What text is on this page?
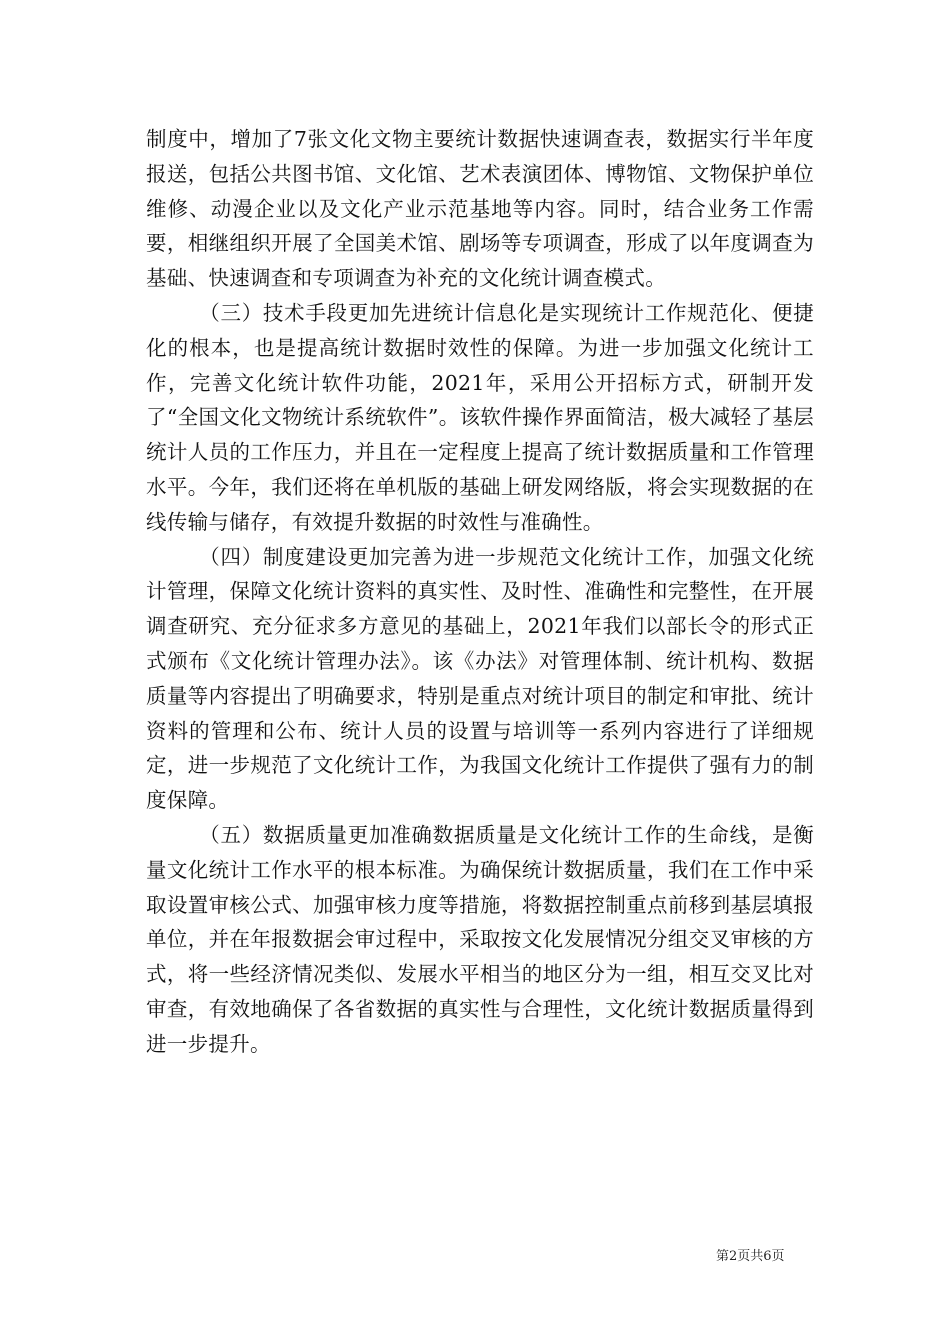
制度中，增加了7张文化文物主要统计数据快速调查表，数据实行半年度报送，包括公共图书馆、文化馆、艺术表演团体、博物馆、文物保护单位维修、动漫企业以及文化产业示范基地等内容。同时，结合业务工作需要，相继组织开展了全国美术馆、剧场等专项调查，形成了以年度调查为基础、快速调查和专项调查为补充的文化统计调查模式。

（三）技术手段更加先进统计信息化是实现统计工作规范化、便捷化的根本，也是提高统计数据时效性的保障。为进一步加强文化统计工作，完善文化统计软件功能，2021年，采用公开招标方式，研制开发了“全国文化文物统计系统软件”。该软件操作界面简洁，极大减轻了基层统计人员的工作压力，并且在一定程度上提高了统计数据质量和工作管理水平。今年，我们还将在单机版的基础上研发网络版，将会实现数据的在线传输与储存，有效提升数据的时效性与准确性。

（四）制度建设更加完善为进一步规范文化统计工作，加强文化统计管理，保障文化统计资料的真实性、及时性、准确性和完整性，在开展调查研究、充分征求多方意见的基础上，2021年我们以部长令的形式正式颁布《文化统计管理办法》。该《办法》对管理体制、统计机构、数据质量等内容提出了明确要求，特别是重点对统计项目的制定和审批、统计资料的管理和公布、统计人员的设置与培训等一系列内容进行了详细规定，进一步规范了文化统计工作，为我国文化统计工作提供了强有力的制度保障。

（五）数据质量更加准确数据质量是文化统计工作的生命线，是衡量文化统计工作水平的根本标准。为确保统计数据质量，我们在工作中采取设置审核公式、加强审核力度等措施，将数据控制重点前移到基层填报单位，并在年报数据会审过程中，采取按文化发展情况分组交叉审核的方式，将一些经济情况类似、发展水平相当的地区分为一组，相互交叉比对审查，有效地确保了各省数据的真实性与合理性，文化统计数据质量得到进一步提升。

第2页共6页
